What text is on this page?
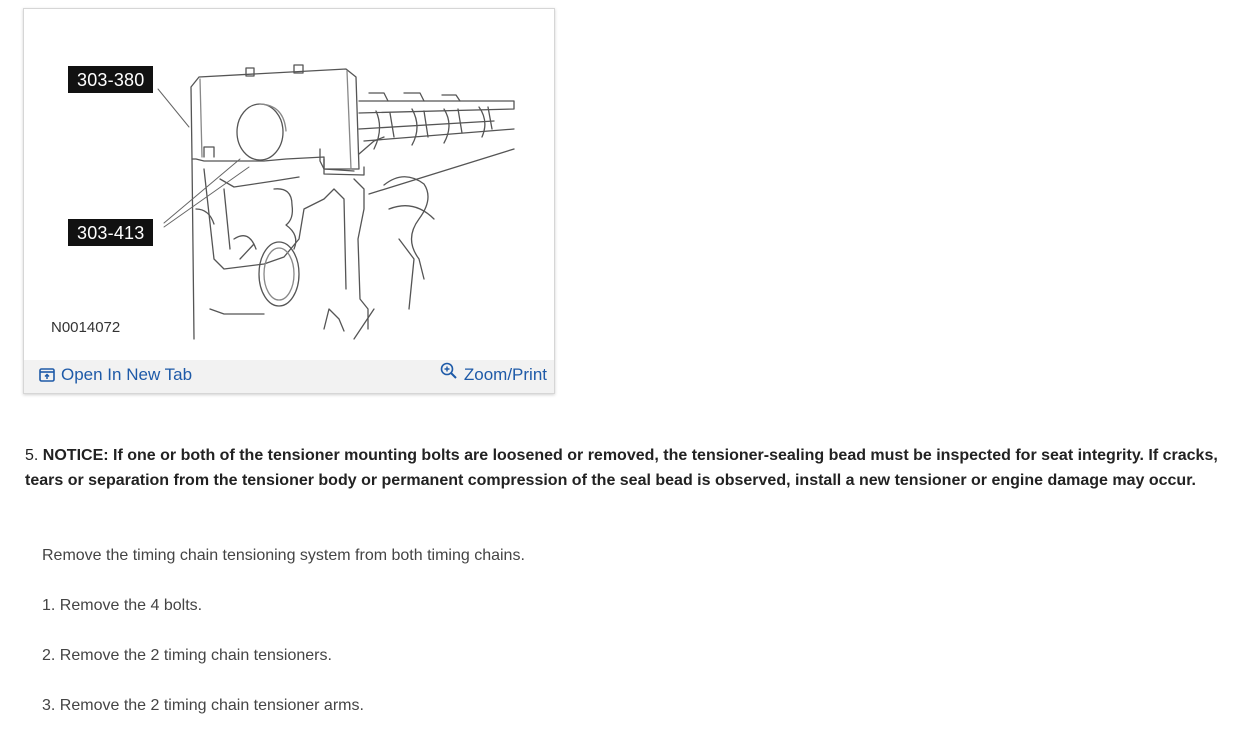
303-380
303-413
N0014072
Open In New Tab	Zoom/Print
5. NOTICE: If one or both of the tensioner mounting bolts are loosened or removed, the tensioner-sealing bead must be inspected for seat integrity. If cracks, tears or separation from the tensioner body or permanent compression of the seal bead is observed, install a new tensioner or engine damage may occur.
Remove the timing chain tensioning system from both timing chains.
1. Remove the 4 bolts.
2. Remove the 2 timing chain tensioners.
3. Remove the 2 timing chain tensioner arms.
